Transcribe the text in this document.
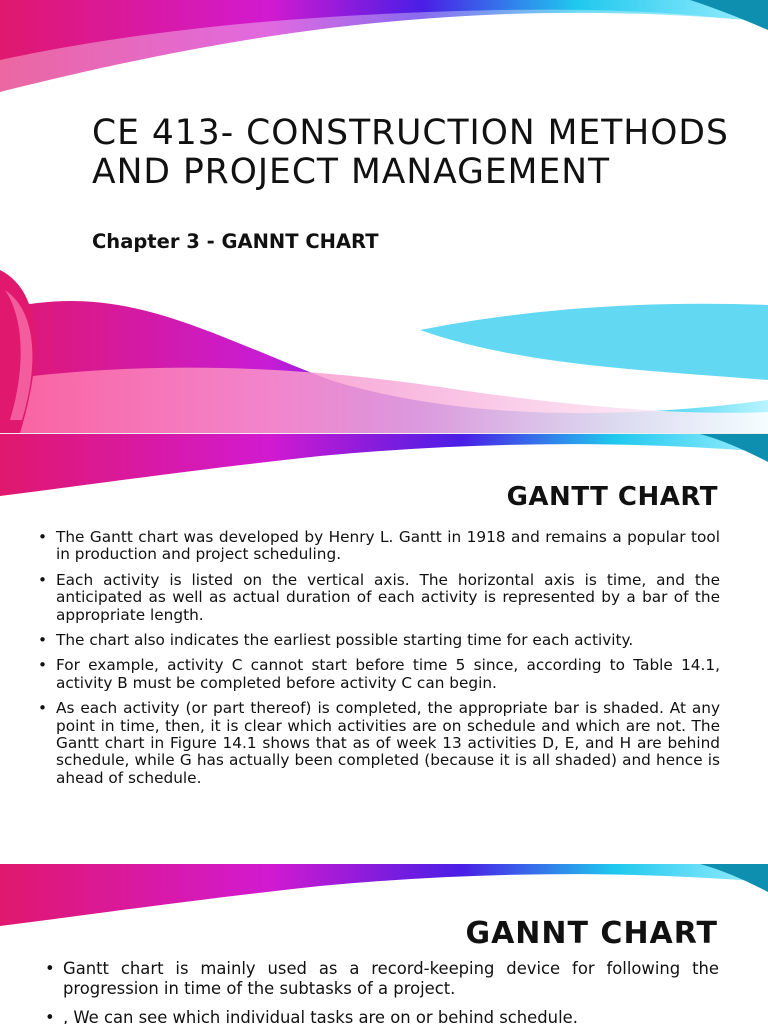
CE 413- CONSTRUCTION METHODS AND PROJECT MANAGEMENT
Chapter 3 - GANNT CHART
GANTT CHART
• The Gantt chart was developed by Henry L. Gantt in 1918 and remains a popular tool in production and project scheduling.
• Each activity is listed on the vertical axis. The horizontal axis is time, and the anticipated as well as actual duration of each activity is represented by a bar of the appropriate length.
• The chart also indicates the earliest possible starting time for each activity.
• For example, activity C cannot start before time 5 since, according to Table 14.1, activity B must be completed before activity C can begin.
• As each activity (or part thereof) is completed, the appropriate bar is shaded. At any point in time, then, it is clear which activities are on schedule and which are not. The Gantt chart in Figure 14.1 shows that as of week 13 activities D, E, and H are behind schedule, while G has actually been completed (because it is all shaded) and hence is ahead of schedule.
GANNT CHART
• Gantt chart is mainly used as a record-keeping device for following the progression in time of the subtasks of a project.
• , We can see which individual tasks are on or behind schedule.
